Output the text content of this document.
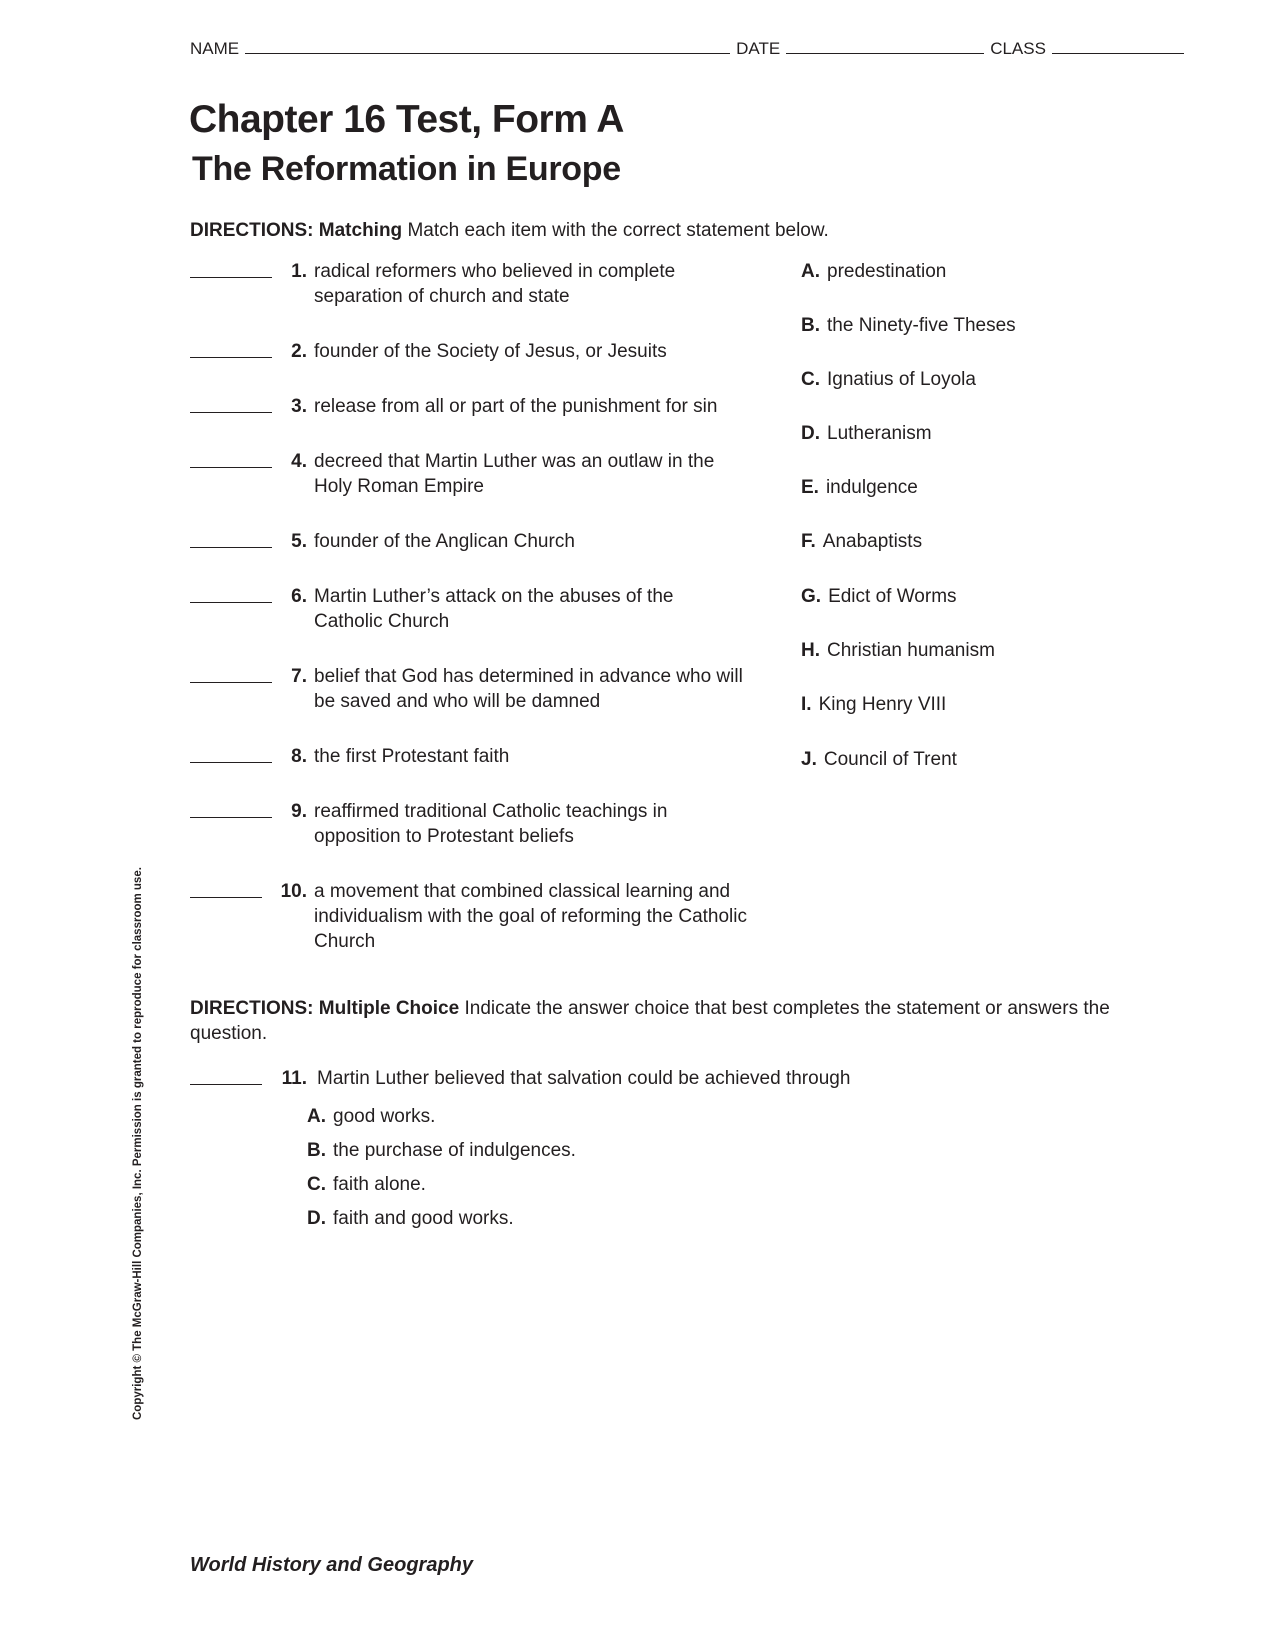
NAME	DATE	CLASS
Chapter 16 Test, Form A
The Reformation in Europe
DIRECTIONS: Matching Match each item with the correct statement below.
1. radical reformers who believed in complete separation of church and state
2. founder of the Society of Jesus, or Jesuits
3. release from all or part of the punishment for sin
4. decreed that Martin Luther was an outlaw in the Holy Roman Empire
5. founder of the Anglican Church
6. Martin Luther’s attack on the abuses of the Catholic Church
7. belief that God has determined in advance who will be saved and who will be damned
8. the first Protestant faith
9. reaffirmed traditional Catholic teachings in opposition to Protestant beliefs
10. a movement that combined classical learning and individualism with the goal of reforming the Catholic Church
A. predestination
B. the Ninety-five Theses
C. Ignatius of Loyola
D. Lutheranism
E. indulgence
F. Anabaptists
G. Edict of Worms
H. Christian humanism
I. King Henry VIII
J. Council of Trent
DIRECTIONS: Multiple Choice Indicate the answer choice that best completes the statement or answers the question.
11. Martin Luther believed that salvation could be achieved through
A. good works.
B. the purchase of indulgences.
C. faith alone.
D. faith and good works.
Copyright © The McGraw-Hill Companies, Inc. Permission is granted to reproduce for classroom use.
World History and Geography
